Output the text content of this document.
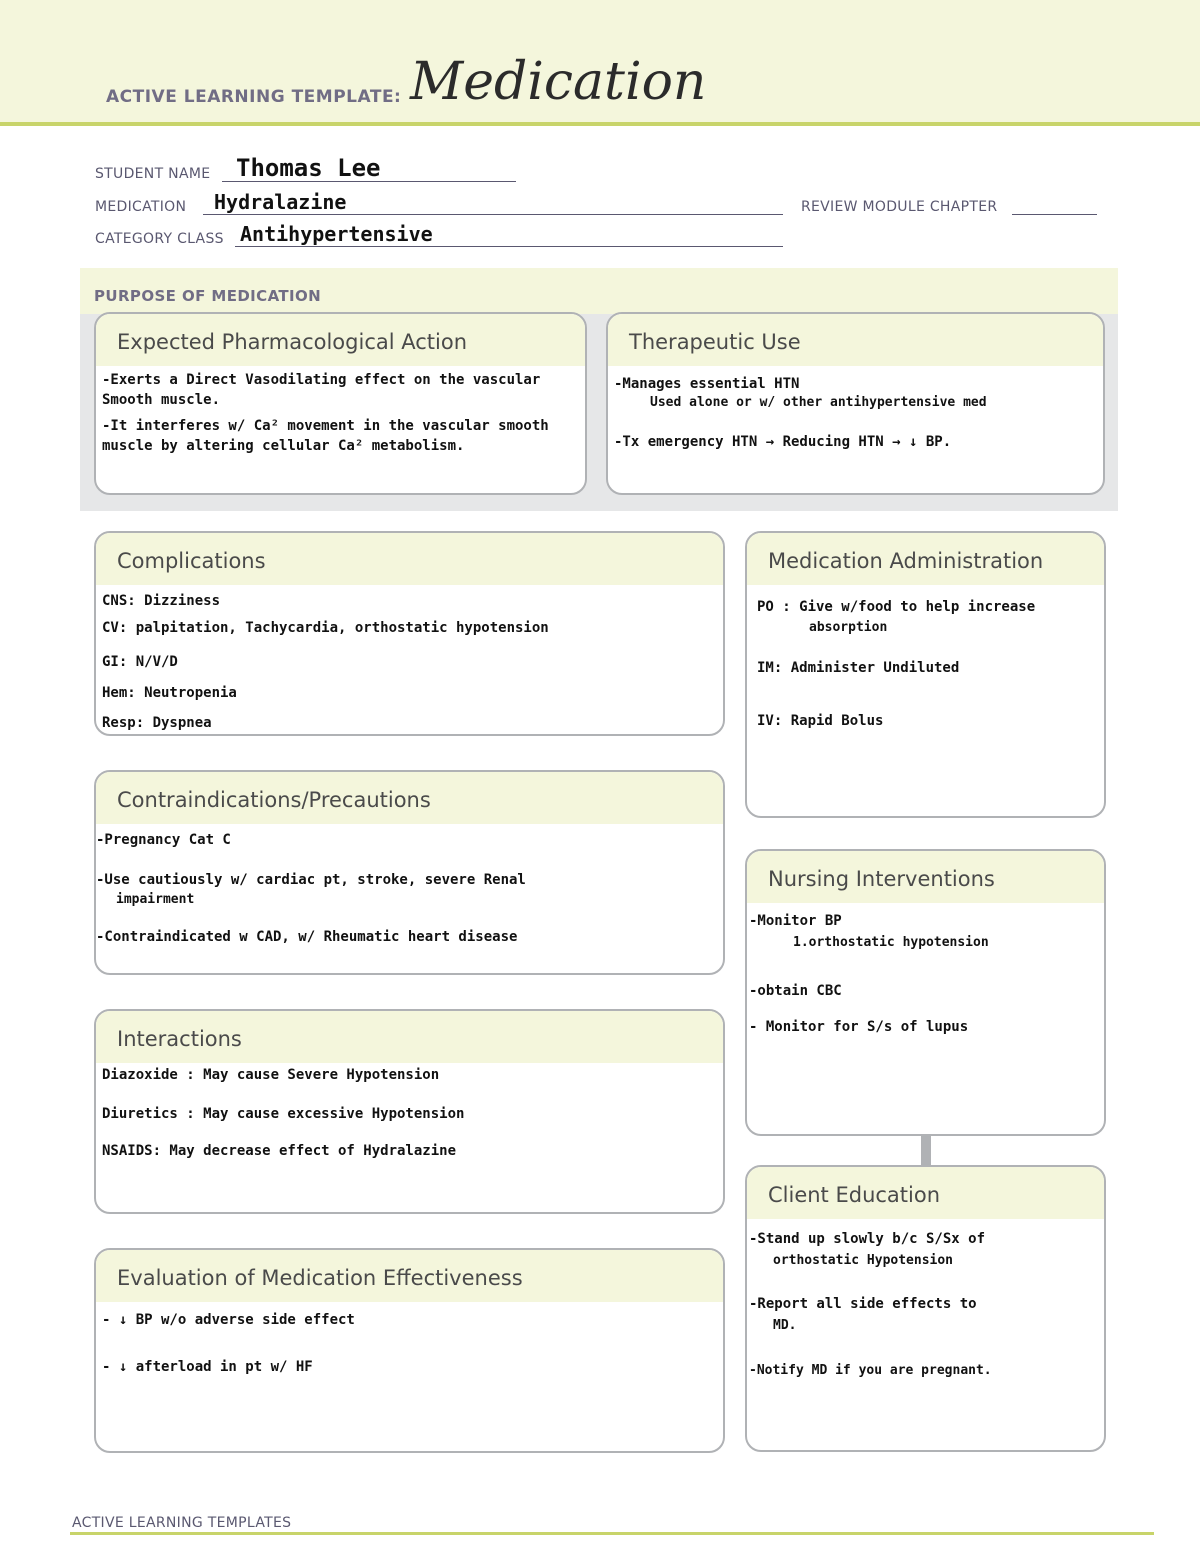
ACTIVE LEARNING TEMPLATE: Medication
STUDENT NAME Thomas Lee
MEDICATION Hydralazine	REVIEW MODULE CHAPTER
CATEGORY CLASS Antihypertensive
PURPOSE OF MEDICATION
Expected Pharmacological Action
-Exerts a Direct Vasodilating effect on the vascular
Smooth muscle.
-It interferes w/ Ca² movement in the vascular smooth
muscle by altering cellular Ca² metabolism.
Therapeutic Use
-Manages essential HTN
Used alone or w/ other antihypertensive med
-Tx emergency HTN → Reducing HTN → ↓ BP.
Complications
CNS: Dizziness
CV: palpitation, Tachycardia, orthostatic hypotension
GI: N/V/D
Hem: Neutropenia
Resp: Dyspnea
Medication Administration
PO : Give w/food to help increase
absorption
IM: Administer Undiluted
IV: Rapid Bolus
Contraindications/Precautions
-Pregnancy Cat C
-Use cautiously w/ cardiac pt, stroke, severe Renal
impairment
-Contraindicated w CAD, w/ Rheumatic heart disease
Nursing Interventions
-Monitor BP
1.orthostatic hypotension
-obtain CBC
- Monitor for S/s of lupus
Interactions
Diazoxide : May cause Severe Hypotension
Diuretics : May cause excessive Hypotension
NSAIDS: May decrease effect of Hydralazine
Client Education
-Stand up slowly b/c S/Sx of
orthostatic Hypotension
-Report all side effects to
MD.
-Notify MD if you are pregnant.
Evaluation of Medication Effectiveness
- ↓ BP w/o adverse side effect
- ↓ afterload in pt w/ HF
ACTIVE LEARNING TEMPLATES
